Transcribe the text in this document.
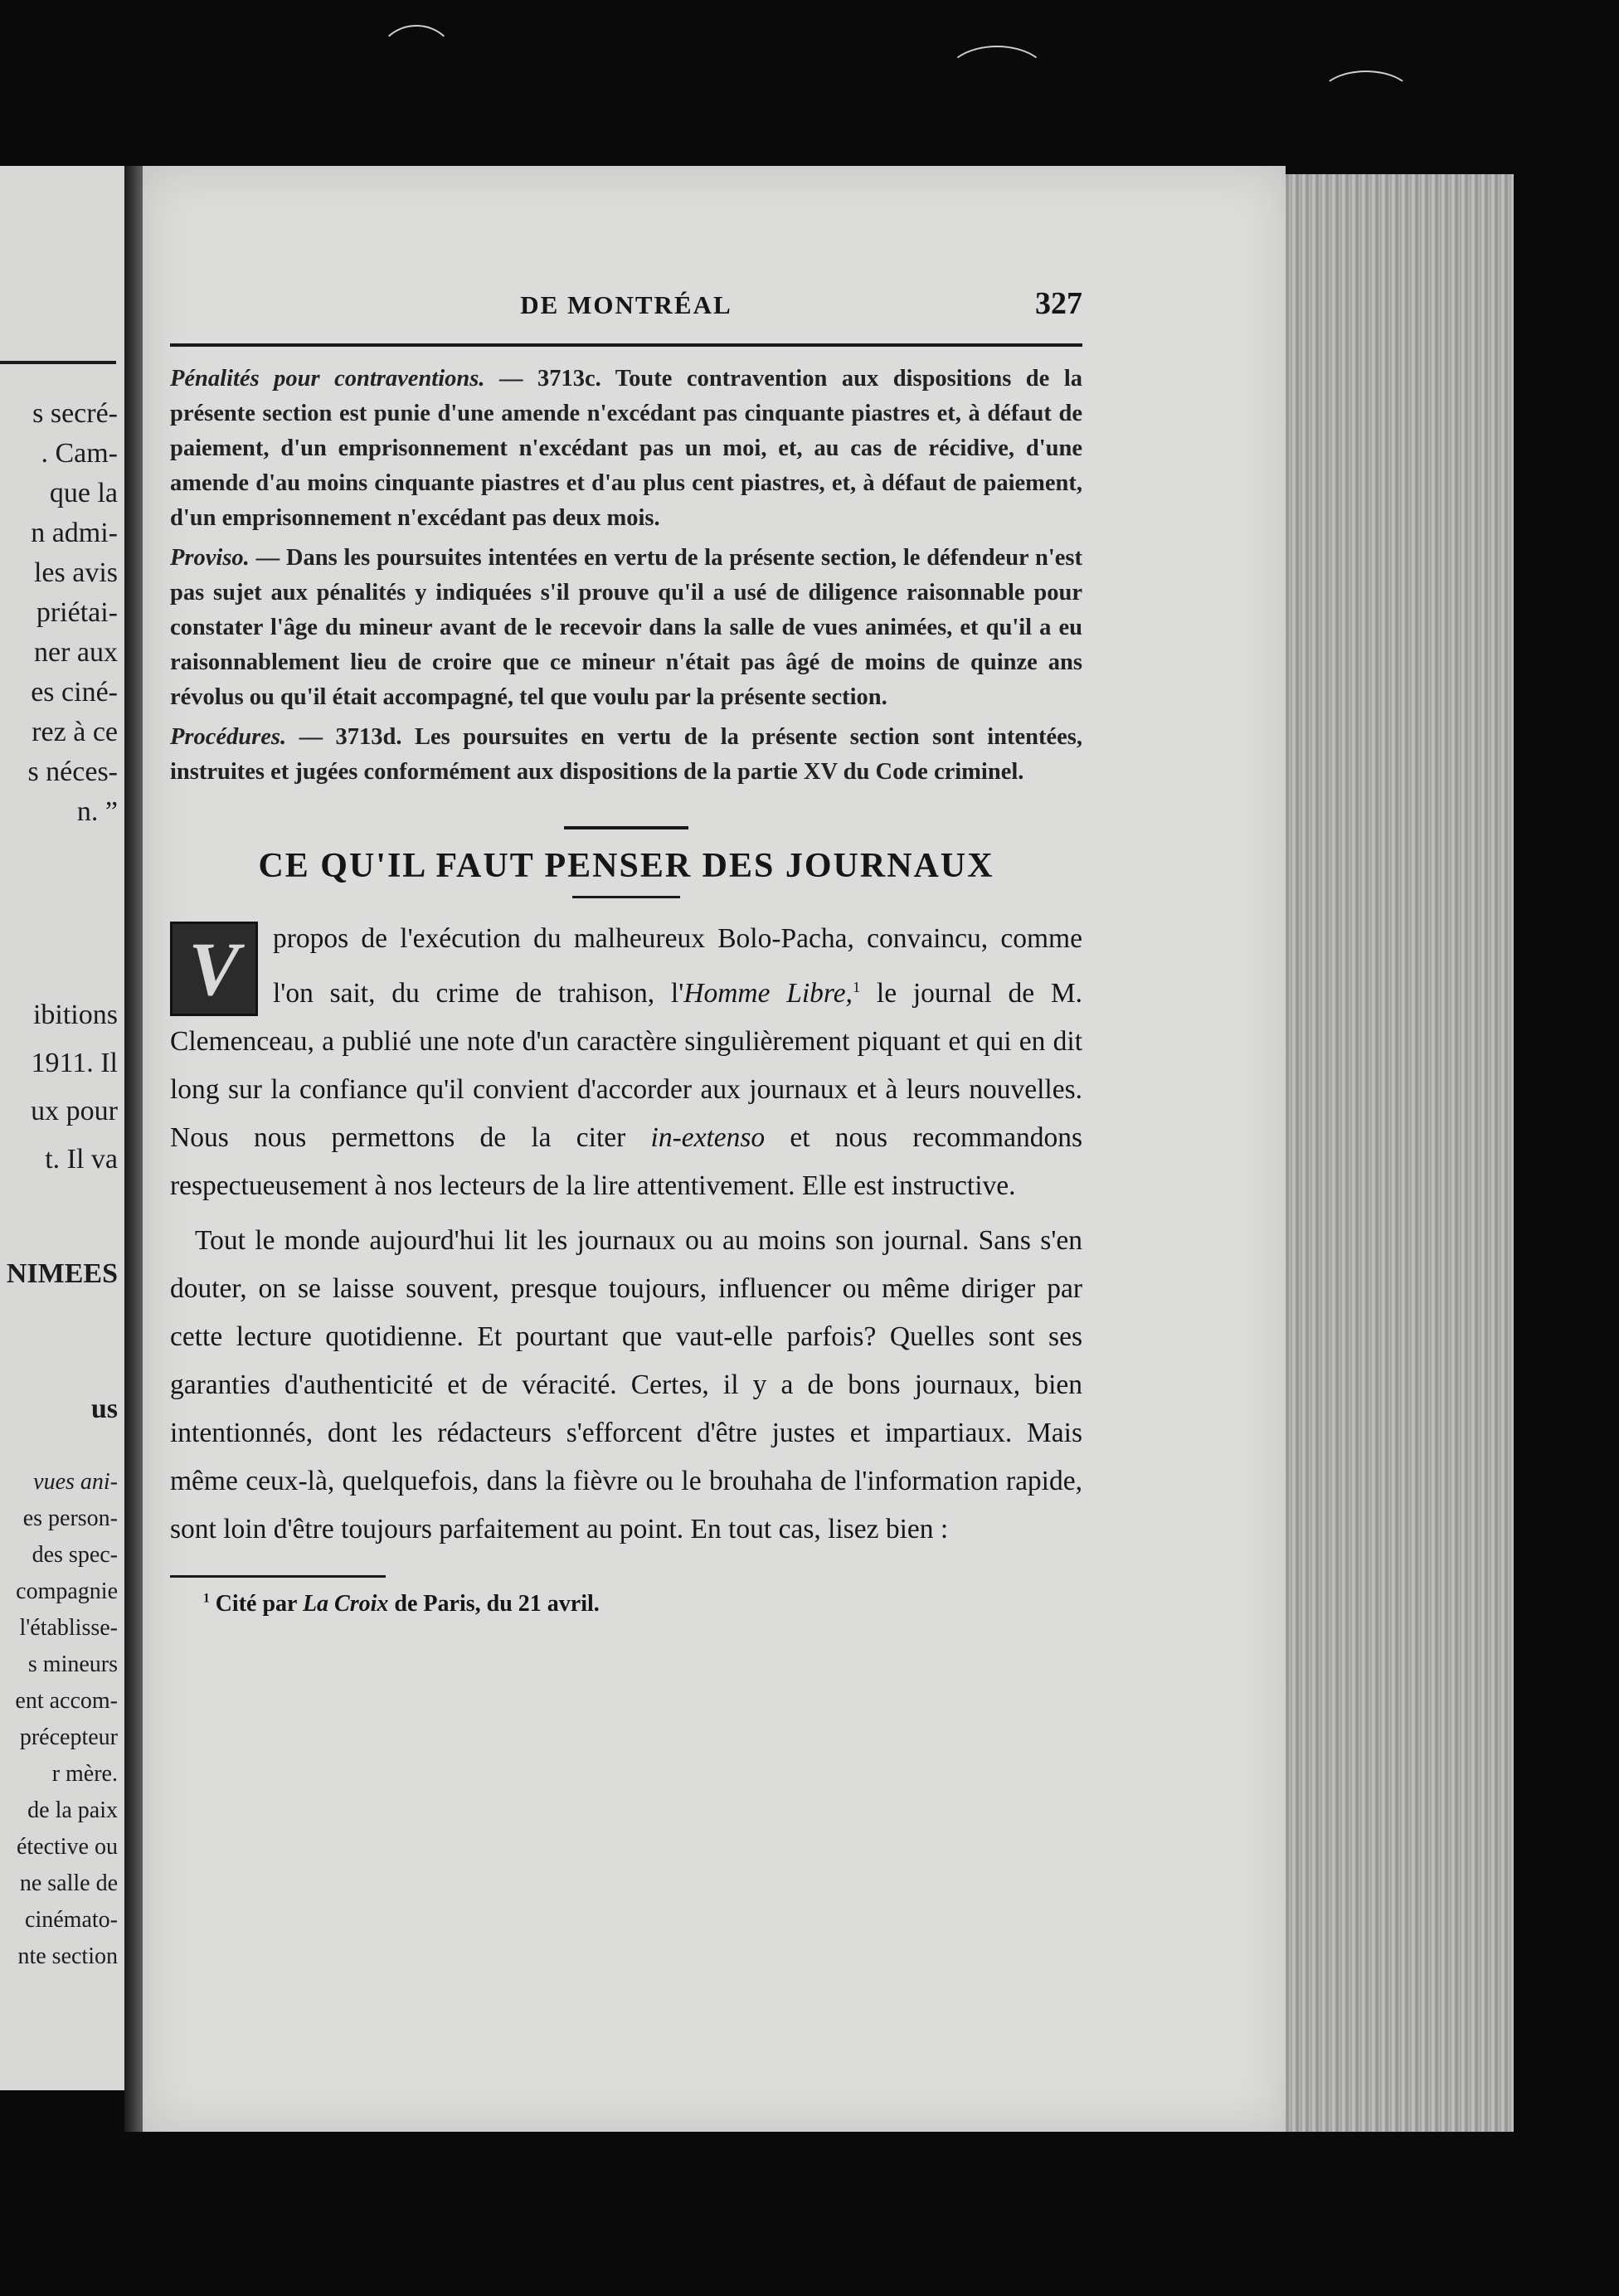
s secré-
. Cam-
que la
n admi-
les avis
priétai-
ner aux
es ciné-
rez à ce
s néces-
n. ”
ibitions
1911. Il
ux pour
t. Il va
NIMEES
us
vues ani-
es person-
des spec-
compagnie
l'établisse-
s mineurs
ent accom-
précepteur
r mère.
de la paix
étective ou
ne salle de
cinémato-
nte section
DE MONTRÉAL	327

Pénalités pour contraventions. — 3713c. Toute contravention aux dispositions de la présente section est punie d'une amende n'excédant pas cinquante piastres et, à défaut de paiement, d'un emprisonnement n'excédant pas un moi, et, au cas de récidive, d'une amende d'au moins cinquante piastres et d'au plus cent piastres, et, à défaut de paiement, d'un emprisonnement n'excédant pas deux mois.

Proviso. — Dans les poursuites intentées en vertu de la présente section, le défendeur n'est pas sujet aux pénalités y indiquées s'il prouve qu'il a usé de diligence raisonnable pour constater l'âge du mineur avant de le recevoir dans la salle de vues animées, et qu'il a eu raisonnablement lieu de croire que ce mineur n'était pas âgé de moins de quinze ans révolus ou qu'il était accompagné, tel que voulu par la présente section.

Procédures. — 3713d. Les poursuites en vertu de la présente section sont intentées, instruites et jugées conformément aux dispositions de la partie XV du Code criminel.

CE QU'IL FAUT PENSER DES JOURNAUX

V	propos de l'exécution du malheureux Bolo-Pacha, convaincu, comme l'on sait, du crime de trahison, l'Homme Libre,$^1$ le journal de M. Clemenceau, a publié une note d'un caractère singulièrement piquant et qui en dit long sur la confiance qu'il convient d'accorder aux journaux et à leurs nouvelles. Nous nous permettons de la citer in-extenso et nous recommandons respectueusement à nos lecteurs de la lire attentivement. Elle est instructive.

Tout le monde aujourd'hui lit les journaux ou au moins son journal. Sans s'en douter, on se laisse souvent, presque toujours, influencer ou même diriger par cette lecture quotidienne. Et pourtant que vaut-elle parfois? Quelles sont ses garanties d'authenticité et de véracité. Certes, il y a de bons journaux, bien intentionnés, dont les rédacteurs s'efforcent d'être justes et impartiaux. Mais même ceux-là, quelquefois, dans la fièvre ou le brouhaha de l'information rapide, sont loin d'être toujours parfaitement au point. En tout cas, lisez bien :

$^1$ Cité par La Croix de Paris, du 21 avril.
